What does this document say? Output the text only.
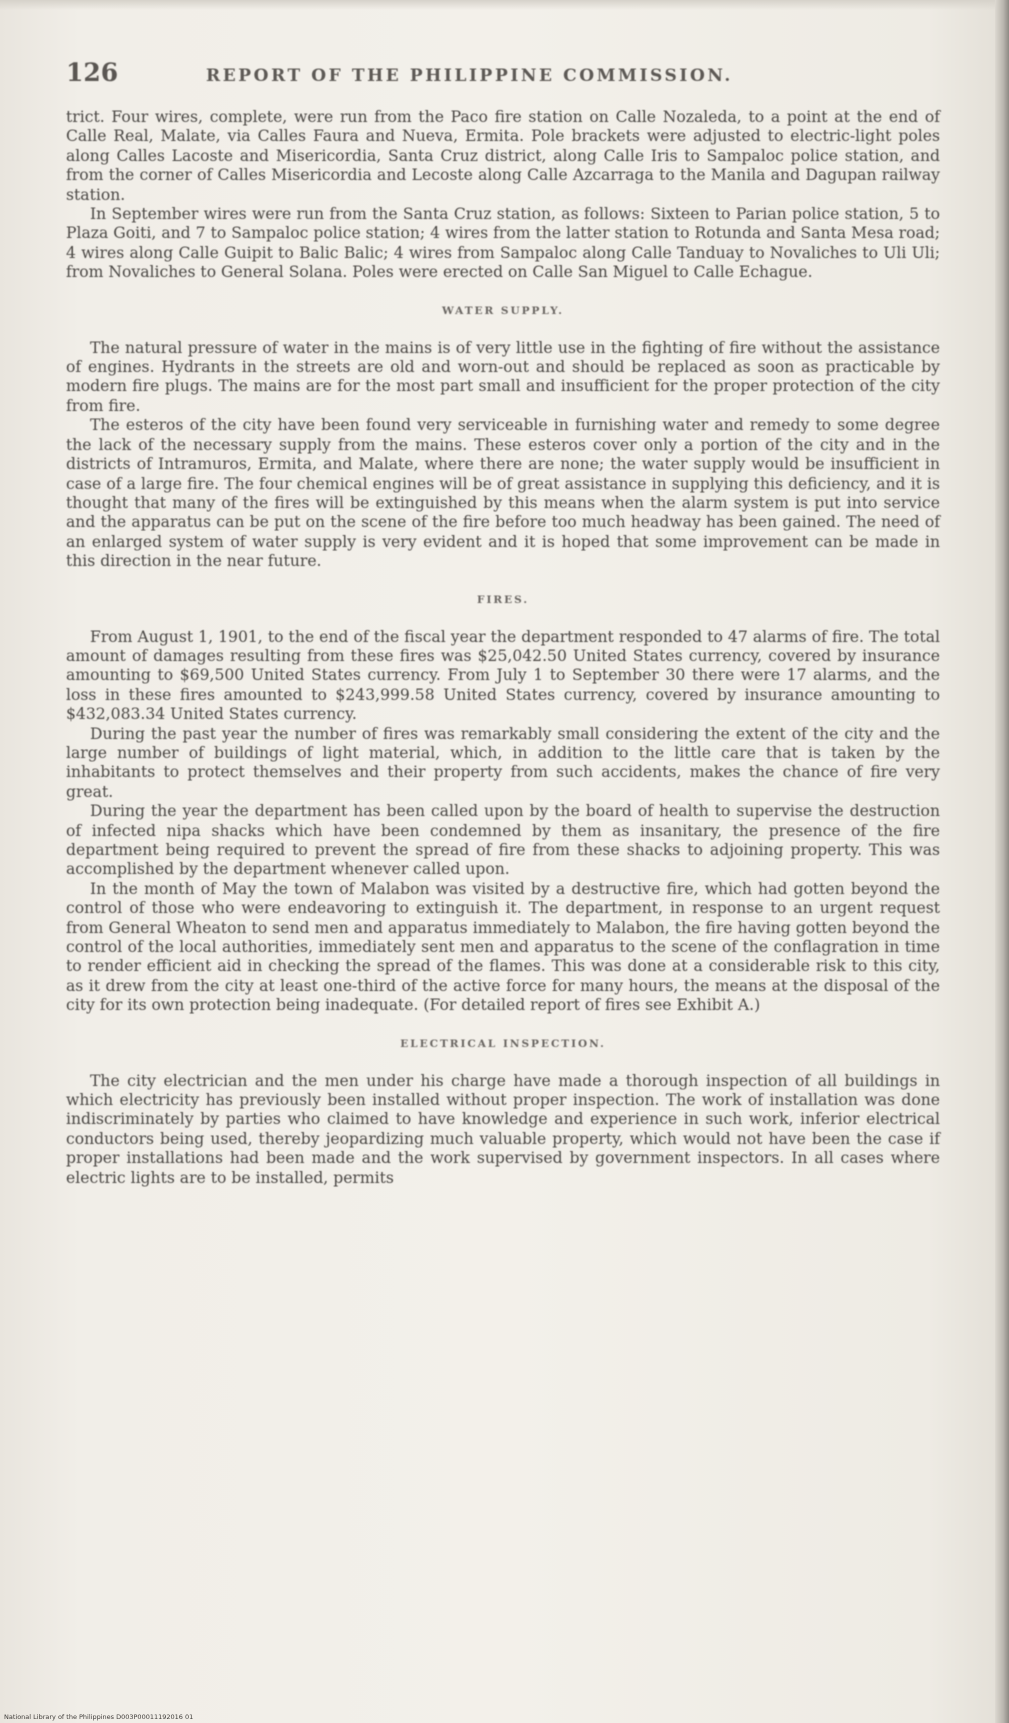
126	REPORT OF THE PHILIPPINE COMMISSION.

trict. Four wires, complete, were run from the Paco fire station on Calle Nozaleda, to a point at the end of Calle Real, Malate, via Calles Faura and Nueva, Ermita. Pole brackets were adjusted to electric-light poles along Calles Lacoste and Misericordia, Santa Cruz district, along Calle Iris to Sampaloc police station, and from the corner of Calles Misericordia and Lecoste along Calle Azcarraga to the Manila and Dagupan railway station.

In September wires were run from the Santa Cruz station, as follows: Sixteen to Parian police station, 5 to Plaza Goiti, and 7 to Sampaloc police station; 4 wires from the latter station to Rotunda and Santa Mesa road; 4 wires along Calle Guipit to Balic Balic; 4 wires from Sampaloc along Calle Tanduay to Novaliches to Uli Uli; from Novaliches to General Solana. Poles were erected on Calle San Miguel to Calle Echague.

WATER SUPPLY.

The natural pressure of water in the mains is of very little use in the fighting of fire without the assistance of engines. Hydrants in the streets are old and worn-out and should be replaced as soon as practicable by modern fire plugs. The mains are for the most part small and insufficient for the proper protection of the city from fire.

The esteros of the city have been found very serviceable in furnishing water and remedy to some degree the lack of the necessary supply from the mains. These esteros cover only a portion of the city and in the districts of Intramuros, Ermita, and Malate, where there are none; the water supply would be insufficient in case of a large fire. The four chemical engines will be of great assistance in supplying this deficiency, and it is thought that many of the fires will be extinguished by this means when the alarm system is put into service and the apparatus can be put on the scene of the fire before too much headway has been gained. The need of an enlarged system of water supply is very evident and it is hoped that some improvement can be made in this direction in the near future.

FIRES.

From August 1, 1901, to the end of the fiscal year the department responded to 47 alarms of fire. The total amount of damages resulting from these fires was $25,042.50 United States currency, covered by insurance amounting to $69,500 United States currency. From July 1 to September 30 there were 17 alarms, and the loss in these fires amounted to $243,999.58 United States currency, covered by insurance amounting to $432,083.34 United States currency.

During the past year the number of fires was remarkably small considering the extent of the city and the large number of buildings of light material, which, in addition to the little care that is taken by the inhabitants to protect themselves and their property from such accidents, makes the chance of fire very great.

During the year the department has been called upon by the board of health to supervise the destruction of infected nipa shacks which have been condemned by them as insanitary, the presence of the fire department being required to prevent the spread of fire from these shacks to adjoining property. This was accomplished by the department whenever called upon.

In the month of May the town of Malabon was visited by a destructive fire, which had gotten beyond the control of those who were endeavoring to extinguish it. The department, in response to an urgent request from General Wheaton to send men and apparatus immediately to Malabon, the fire having gotten beyond the control of the local authorities, immediately sent men and apparatus to the scene of the conflagration in time to render efficient aid in checking the spread of the flames. This was done at a considerable risk to this city, as it drew from the city at least one-third of the active force for many hours, the means at the disposal of the city for its own protection being inadequate. (For detailed report of fires see Exhibit A.)

ELECTRICAL INSPECTION.

The city electrician and the men under his charge have made a thorough inspection of all buildings in which electricity has previously been installed without proper inspection. The work of installation was done indiscriminately by parties who claimed to have knowledge and experience in such work, inferior electrical conductors being used, thereby jeopardizing much valuable property, which would not have been the case if proper installations had been made and the work supervised by government inspectors. In all cases where electric lights are to be installed, permits

National Library of the Philippines D003P00011192016 01
